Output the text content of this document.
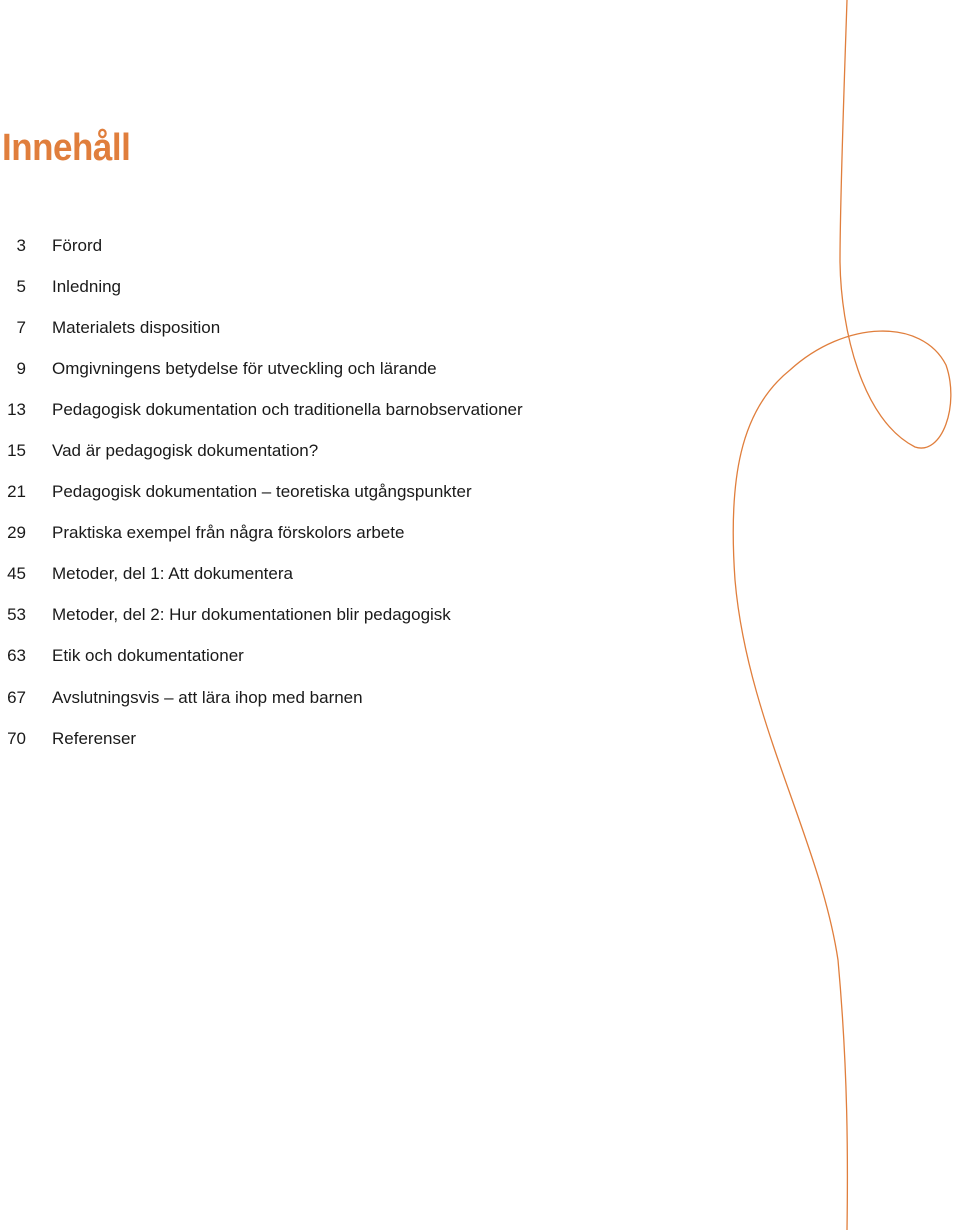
Innehåll
3 Förord
5 Inledning
7 Materialets disposition
9 Omgivningens betydelse för utveckling och lärande
13 Pedagogisk dokumentation och traditionella barnobservationer
15 Vad är pedagogisk dokumentation?
21 Pedagogisk dokumentation – teoretiska utgångspunkter
29 Praktiska exempel från några förskolors arbete
45 Metoder, del 1: Att dokumentera
53 Metoder, del 2: Hur dokumentationen blir pedagogisk
63 Etik och dokumentationer
67 Avslutningsvis – att lära ihop med barnen
70 Referenser
